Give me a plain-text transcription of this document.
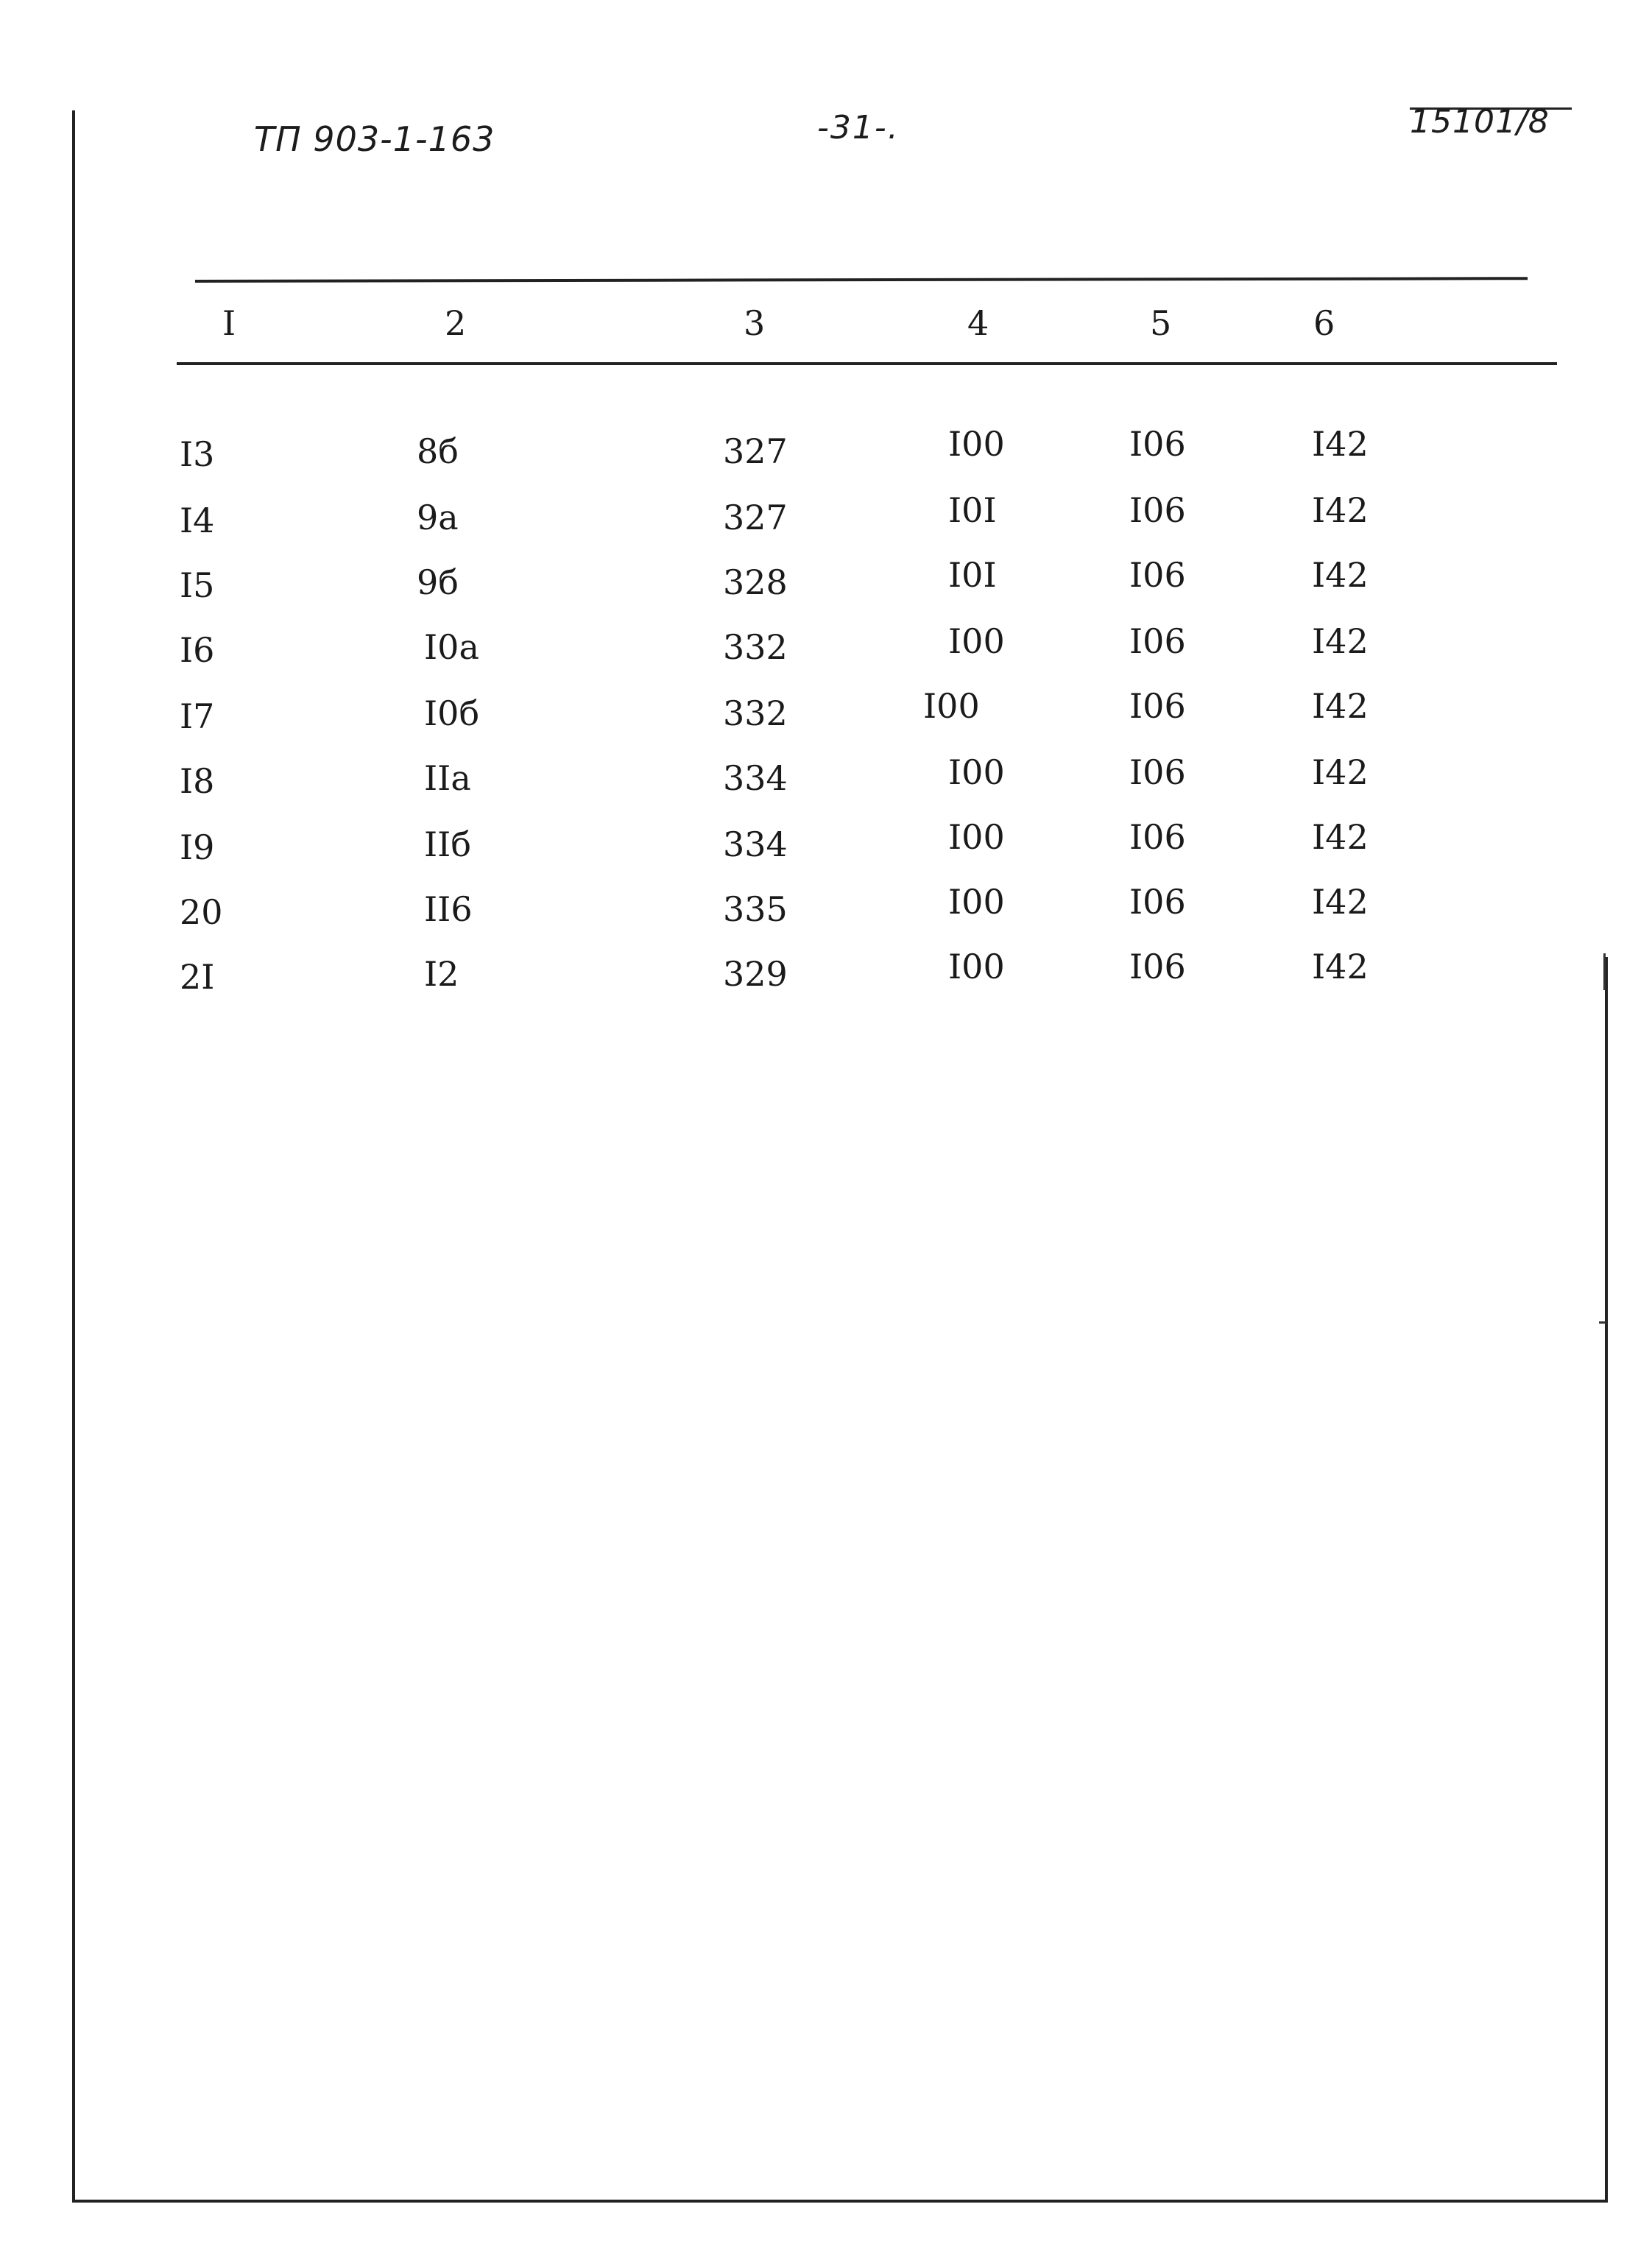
ТП 903-1-163	-31-.	15101/8
I	2	3	4	5	6
I3	8б	327	I00	I06	I42
I4	9a	327	I0I	I06	I42
I5	9б	328	I0I	I06	I42
I6	I0a	332	I00	I06	I42
I7	I0б	332	I00	I06	I42
I8	IIa	334	I00	I06	I42
I9	IIб	334	I00	I06	I42
20	II6	335	I00	I06	I42
2I	I2	329	I00	I06	I42
